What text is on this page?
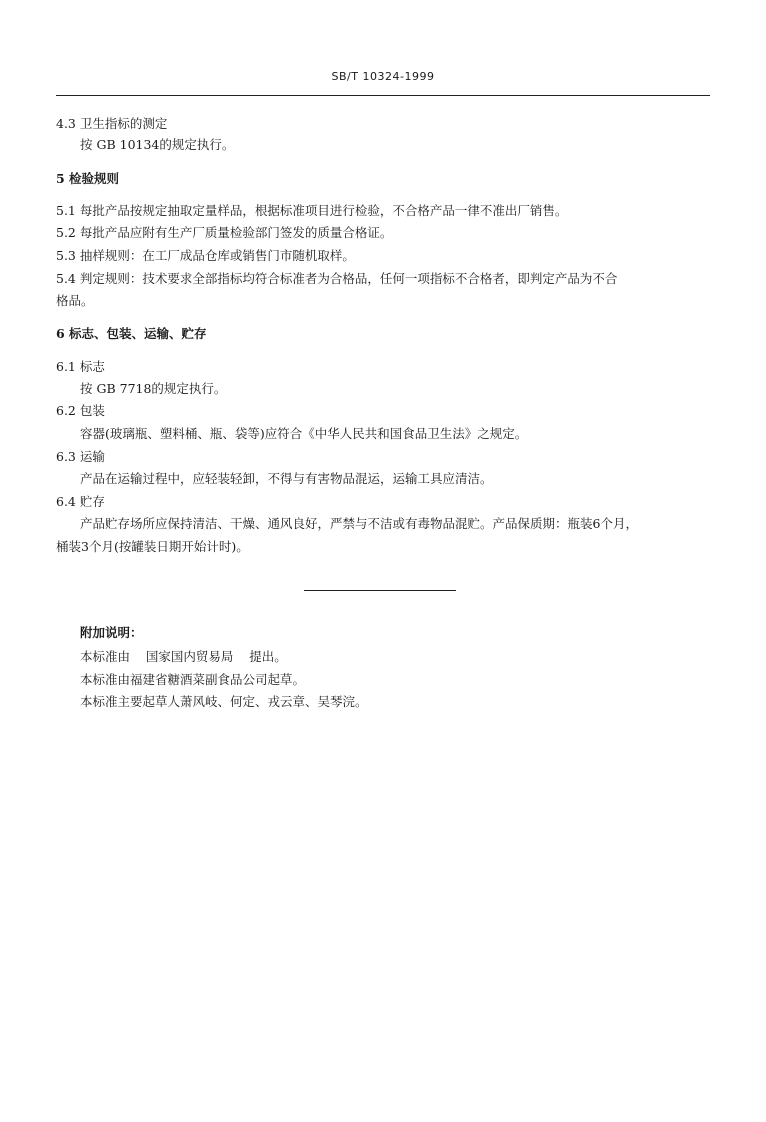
SB/T 10324-1999
4.3 卫生指标的测定
按 GB 10134的规定执行。
5 检验规则
5.1 每批产品按规定抽取定量样品，根据标准项目进行检验，不合格产品一律不准出厂销售。
5.2 每批产品应附有生产厂质量检验部门签发的质量合格证。
5.3 抽样规则：在工厂成品仓库或销售门市随机取样。
5.4 判定规则：技术要求全部指标均符合标准者为合格品，任何一项指标不合格者，即判定产品为不合
格品。
6 标志、包装、运输、贮存
6.1 标志
按 GB 7718的规定执行。
6.2 包装
容器(玻璃瓶、塑料桶、瓶、袋等)应符合《中华人民共和国食品卫生法》之规定。
6.3 运输
产品在运输过程中，应轻装轻卸，不得与有害物品混运，运输工具应清洁。
6.4 贮存
产品贮存场所应保持清洁、干燥、通风良好，严禁与不洁或有毒物品混贮。产品保质期：瓶装6个月，
桶装3个月(按罐装日期开始计时)。
附加说明：
本标准由    国家国内贸易局    提出。
本标准由福建省糖酒菜副食品公司起草。
本标准主要起草人萧风岐、何定、戎云章、吴琴浣。
